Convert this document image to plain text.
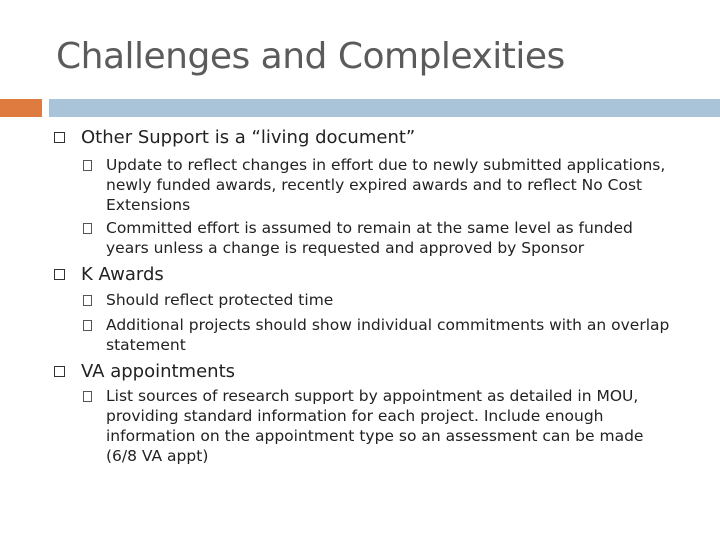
Challenges and Complexities
Other Support is a “living document”
Update to reflect changes in effort due to newly submitted applications, newly funded awards, recently expired awards and to reflect No Cost Extensions
Committed effort is assumed to remain at the same level as funded years unless a change is requested and approved by Sponsor
K Awards
Should reflect protected time
Additional projects should show individual commitments with an overlap statement
VA appointments
List sources of research support by appointment as detailed in MOU, providing standard information for each project. Include enough information on the appointment type so an assessment can be made (6/8 VA appt)
